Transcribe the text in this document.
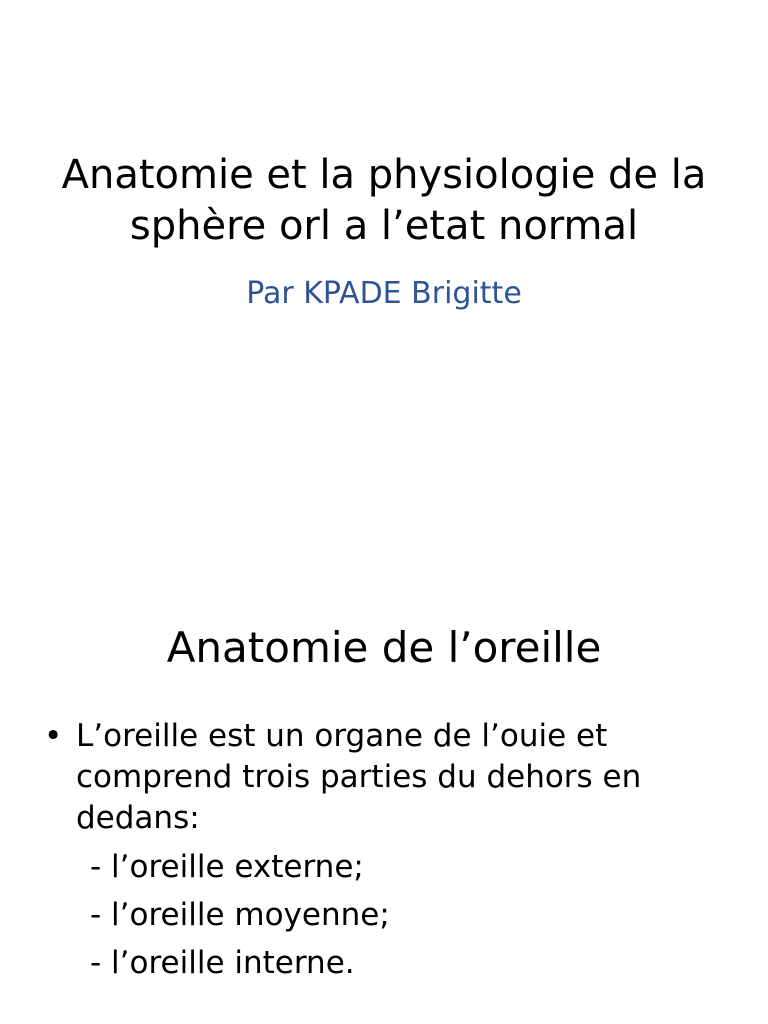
Anatomie et la physiologie de la sphère orl a l’etat normal

Par KPADE Brigitte

Anatomie de l’oreille
• L’oreille est un organe de l’ouie et comprend trois parties du dehors en dedans:
- l’oreille externe;
- l’oreille moyenne;
- l’oreille interne.
